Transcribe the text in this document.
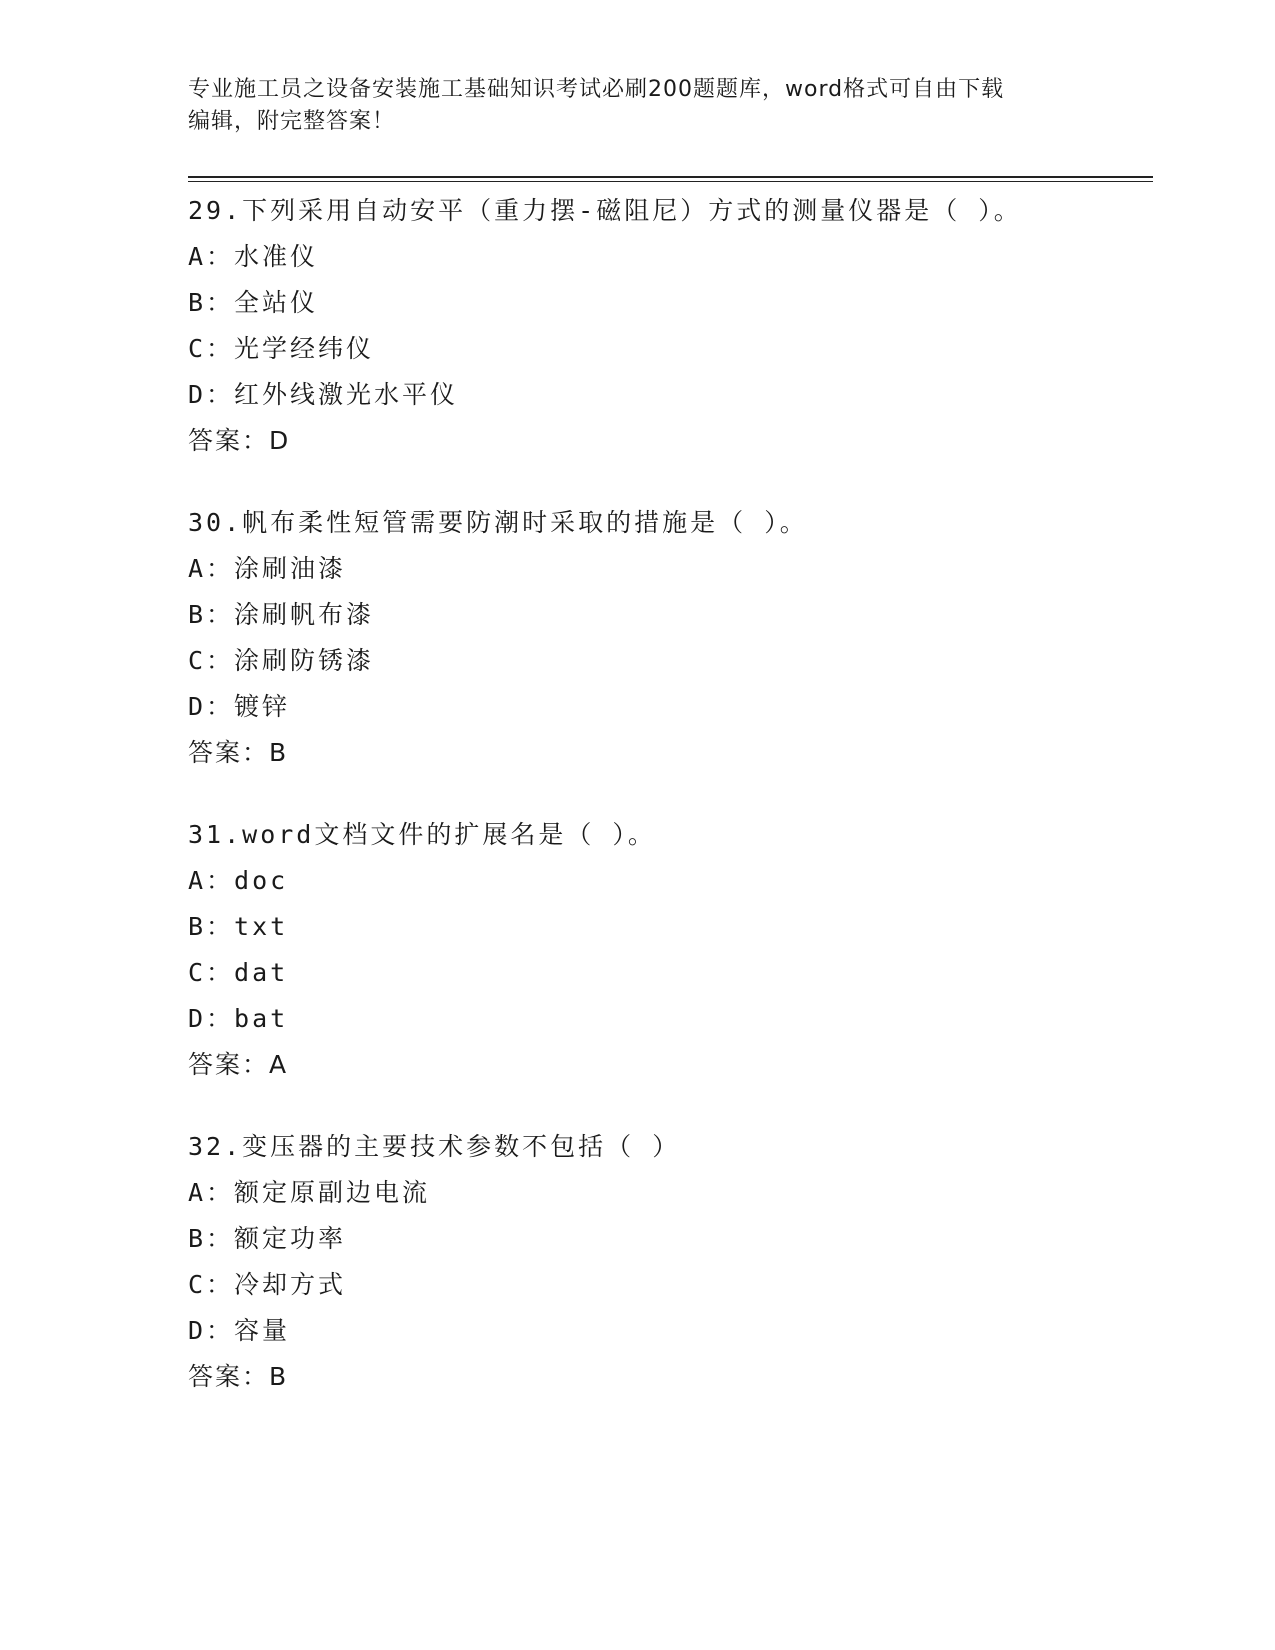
专业施工员之设备安装施工基础知识考试必刷200题题库，word格式可自由下载
编辑，附完整答案！
29.下列采用自动安平（重力摆-磁阻尼）方式的测量仪器是（ ）。
A：水准仪
B：全站仪
C：光学经纬仪
D：红外线激光水平仪
答案：D
30.帆布柔性短管需要防潮时采取的措施是（ ）。
A：涂刷油漆
B：涂刷帆布漆
C：涂刷防锈漆
D：镀锌
答案：B
31.word文档文件的扩展名是（ ）。
A：doc
B：txt
C：dat
D：bat
答案：A
32.变压器的主要技术参数不包括（ ）
A：额定原副边电流
B：额定功率
C：冷却方式
D：容量
答案：B
